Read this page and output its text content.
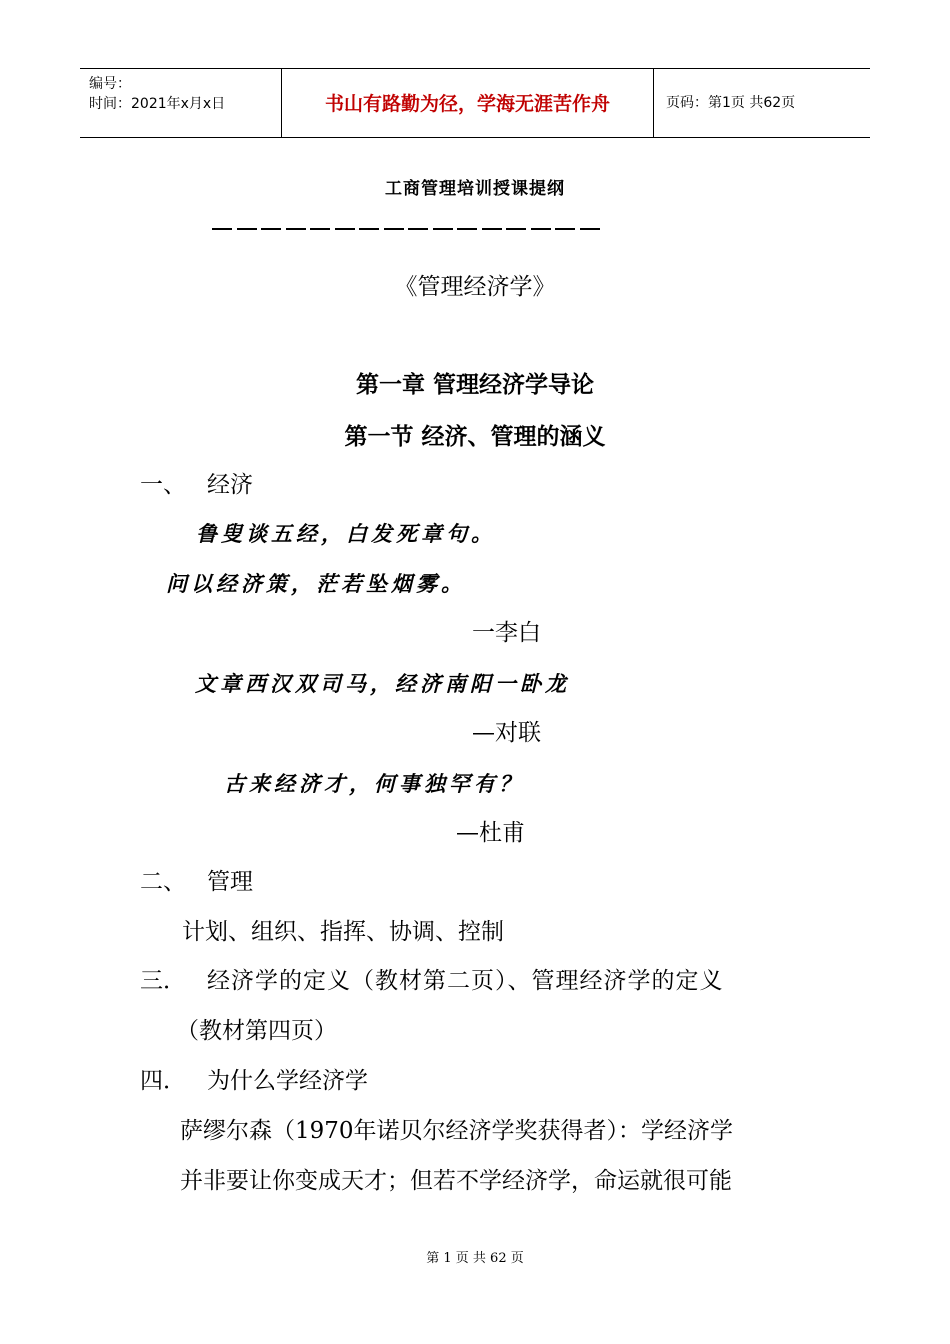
编号：
时间：2021年x月x日	书山有路勤为径，学海无涯苦作舟	页码：第1页 共62页
工商管理培训授课提纲
《管理经济学》
第一章 管理经济学导论
第一节 经济、管理的涵义
一、 经济
鲁叟谈五经，白发死章句。
问以经济策，茫若坠烟雾。
一李白
文章西汉双司马，经济南阳一卧龙
—对联
古来经济才，何事独罕有？
—杜甫
二、 管理
计划、组织、指挥、协调、控制
三． 经济学的定义（教材第二页）、管理经济学的定义
（教材第四页）
四． 为什么学经济学
萨缪尔森（1970年诺贝尔经济学奖获得者）：学经济学
并非要让你变成天才；但若不学经济学，命运就很可能
第 1 页 共 62 页
